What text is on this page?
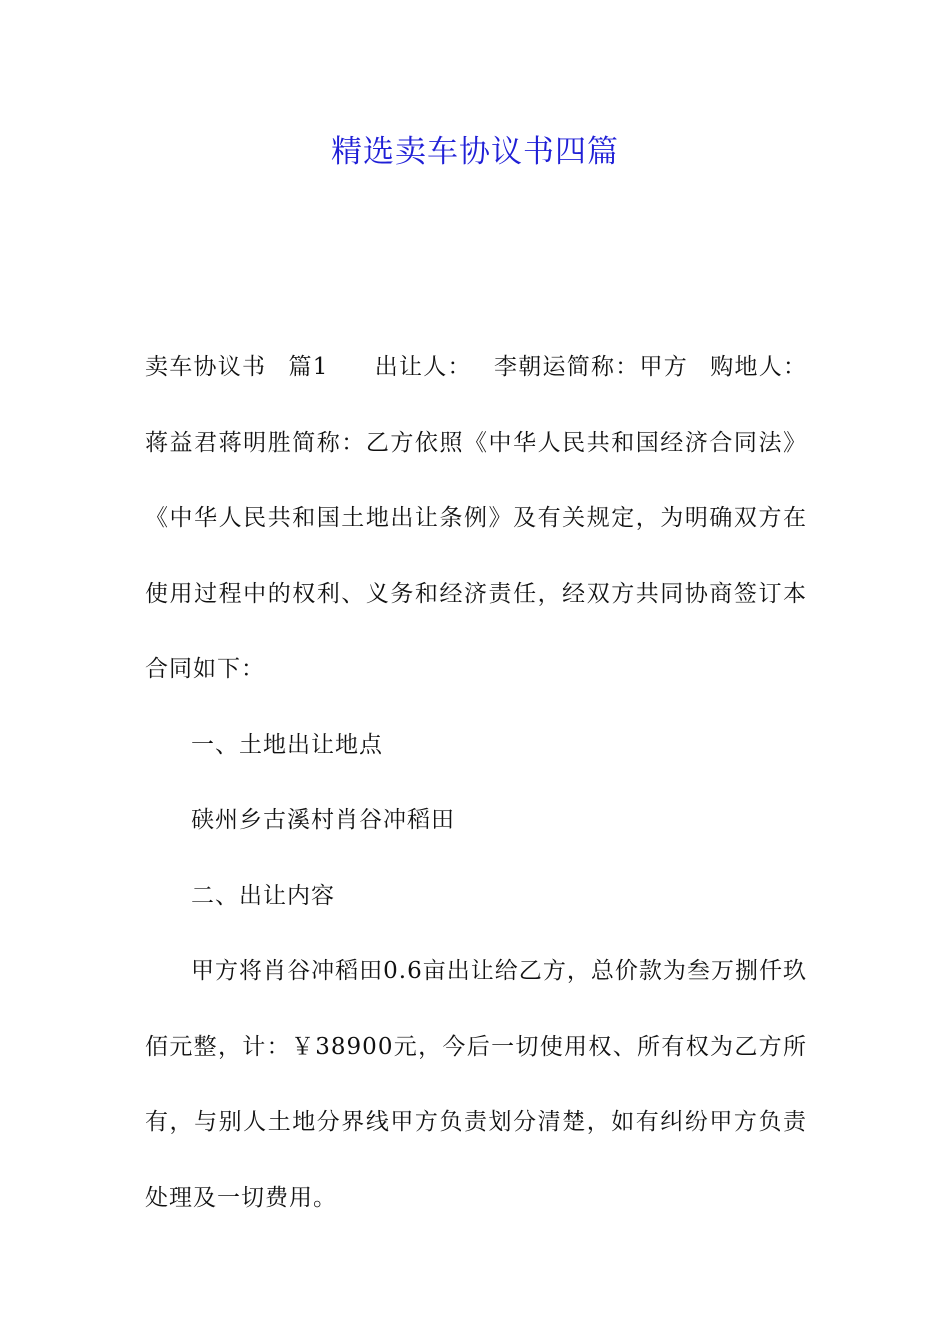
精选卖车协议书四篇

卖车协议书 篇1 出让人： 李朝运简称：甲方 购地人：蒋益君蒋明胜简称：乙方依照《中华人民共和国经济合同法》《中华人民共和国土地出让条例》及有关规定，为明确双方在使用过程中的权利、义务和经济责任，经双方共同协商签订本合同如下：

一、土地出让地点

硖州乡古溪村肖谷冲稻田

二、出让内容

甲方将肖谷冲稻田0.6亩出让给乙方，总价款为叁万捌仟玖佰元整，计：￥38900元，今后一切使用权、所有权为乙方所有，与别人土地分界线甲方负责划分清楚，如有纠纷甲方负责处理及一切费用。
